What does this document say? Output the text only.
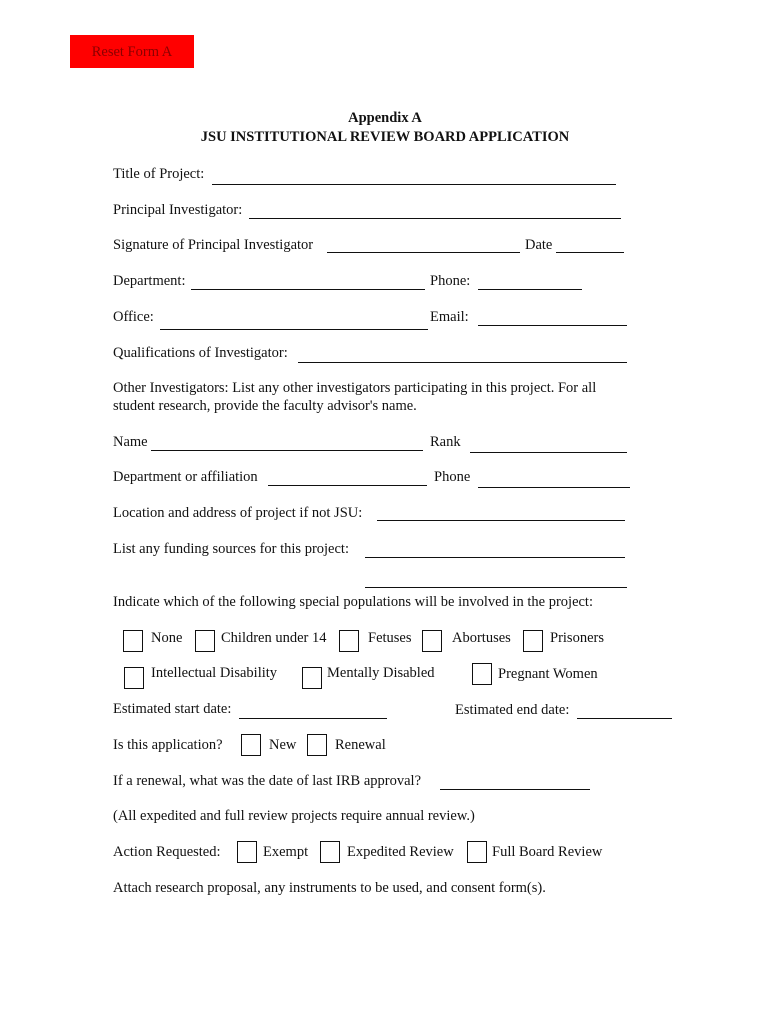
Reset Form A
Appendix A
JSU INSTITUTIONAL REVIEW BOARD APPLICATION
Title of Project:
Principal Investigator:
Signature of Principal Investigator	Date
Department:	Phone:
Office:	Email:
Qualifications of Investigator:
Other Investigators: List any other investigators participating in this project. For all
student research, provide the faculty advisor's name.
Name	Rank
Department or affiliation	Phone
Location and address of project if not JSU:
List any funding sources for this project:
Indicate which of the following special populations will be involved in the project:
None	Children under 14	Fetuses	Abortuses	Prisoners
Intellectual Disability	Mentally Disabled	Pregnant Women
Estimated start date:	Estimated end date:
Is this application?	New	Renewal
If a renewal, what was the date of last IRB approval?
(All expedited and full review projects require annual review.)
Action Requested:	Exempt	Expedited Review	Full Board Review
Attach research proposal, any instruments to be used, and consent form(s).
